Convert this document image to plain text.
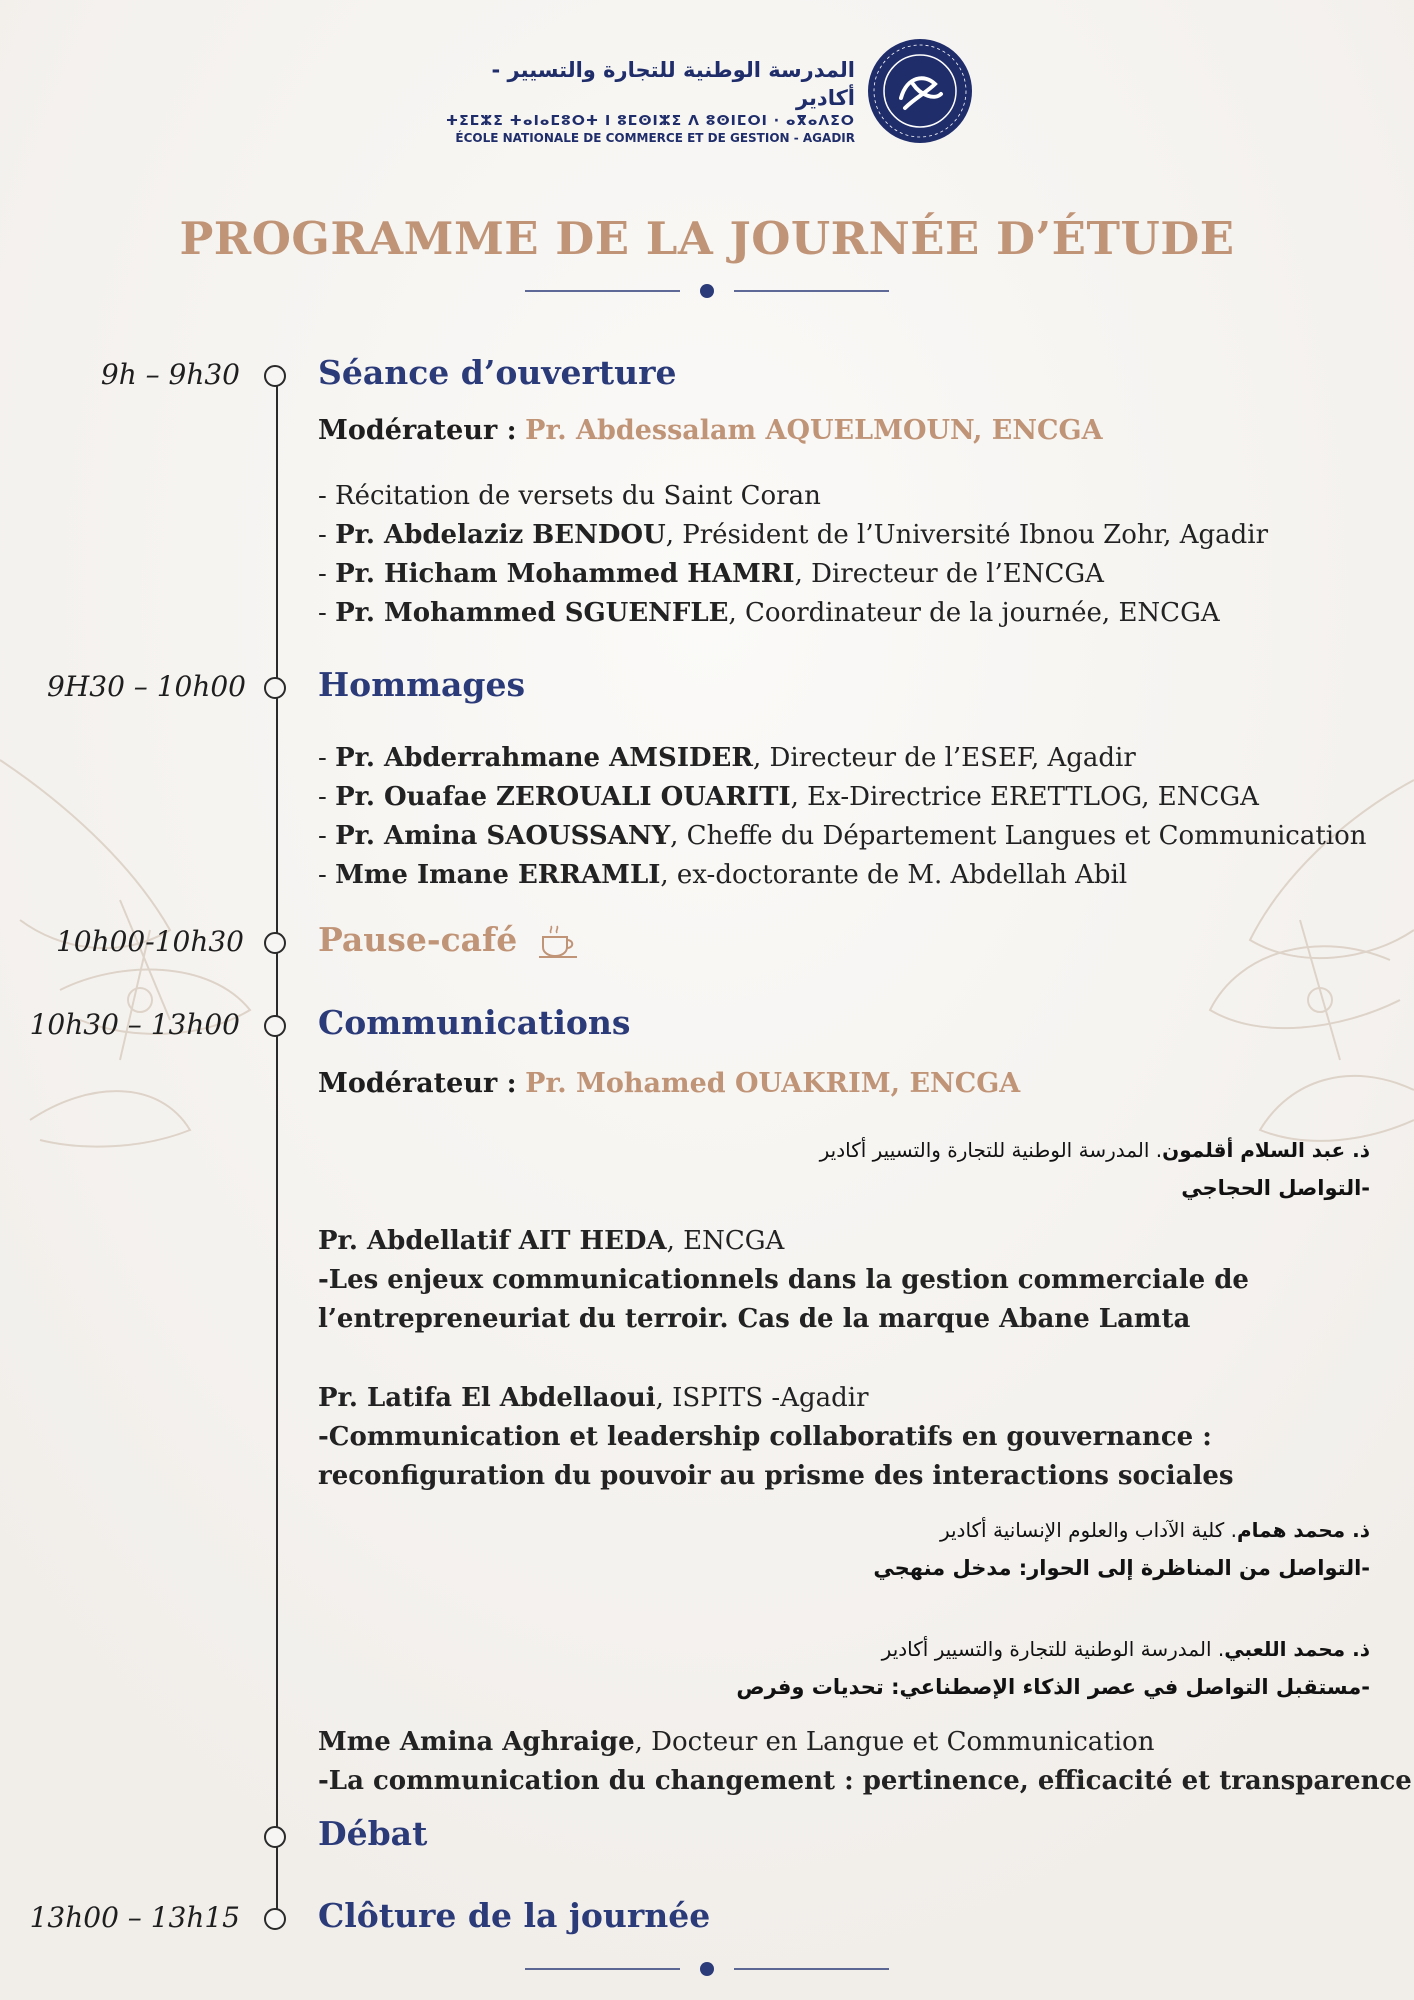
المدرسة الوطنية للتجارة والتسيير - أكادير
ⵜⵉⵎⵣⵉ ⵜⴰⵏⴰⵎⵓⵔⵜ ⵏ ⵓⵎⵙⵏⵣⵉ ⴷ ⵓⵙⵏⵎⵔⵏ · ⴰⴳⴰⴷⵉⵔ
ÉCOLE NATIONALE DE COMMERCE ET DE GESTION - AGADIR
PROGRAMME DE LA JOURNÉE D’ÉTUDE
9h – 9h30 Séance d’ouverture
Modérateur : Pr. Abdessalam AQUELMOUN, ENCGA
- Récitation de versets du Saint Coran
- Pr. Abdelaziz BENDOU, Président de l’Université Ibnou Zohr, Agadir
- Pr. Hicham Mohammed HAMRI, Directeur de l’ENCGA
- Pr. Mohammed SGUENFLE, Coordinateur de la journée, ENCGA
9H30 – 10h00 Hommages
- Pr. Abderrahmane AMSIDER, Directeur de l’ESEF, Agadir
- Pr. Ouafae ZEROUALI OUARITI, Ex-Directrice ERETTLOG, ENCGA
- Pr. Amina SAOUSSANY, Cheffe du Département Langues et Communication
- Mme Imane ERRAMLI, ex-doctorante de M. Abdellah Abil
10h00-10h30 Pause-café
10h30 – 13h00 Communications
Modérateur : Pr. Mohamed OUAKRIM, ENCGA
ذ. عبد السلام أقلمون. المدرسة الوطنية للتجارة والتسيير أكادير
-التواصل الحجاجي
Pr. Abdellatif AIT HEDA, ENCGA
-Les enjeux communicationnels dans la gestion commerciale de
l’entrepreneuriat du terroir. Cas de la marque Abane Lamta
Pr. Latifa El Abdellaoui, ISPITS -Agadir
-Communication et leadership collaboratifs en gouvernance :
reconfiguration du pouvoir au prisme des interactions sociales
ذ. محمد همام. كلية الآداب والعلوم الإنسانية أكادير
-التواصل من المناظرة إلى الحوار: مدخل منهجي
ذ. محمد اللعبي. المدرسة الوطنية للتجارة والتسيير أكادير
-مستقبل التواصل في عصر الذكاء الإصطناعي: تحديات وفرص
Mme Amina Aghraige, Docteur en Langue et Communication
-La communication du changement : pertinence, efficacité et transparence
Débat
13h00 – 13h15 Clôture de la journée
